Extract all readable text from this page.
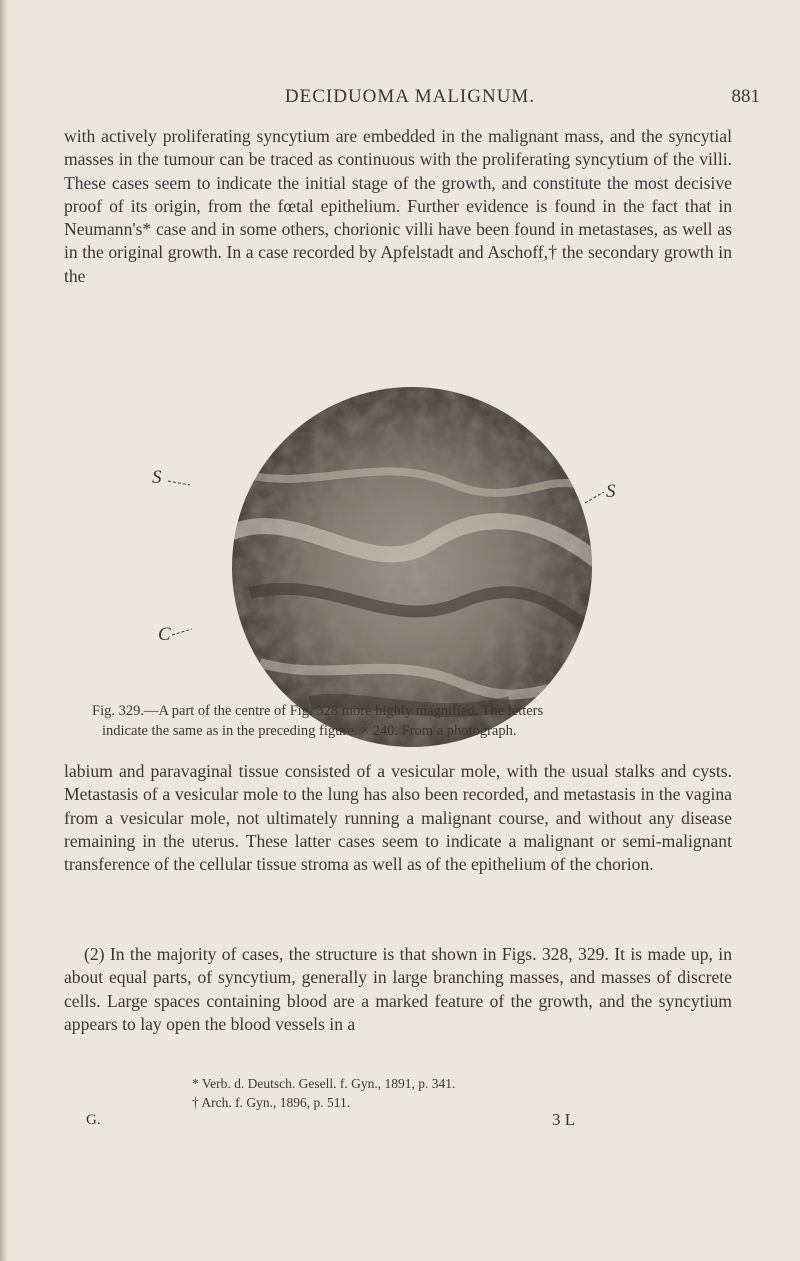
DECIDUOMA MALIGNUM.	881

with actively proliferating syncytium are embedded in the malignant mass, and the syncytial masses in the tumour can be traced as continuous with the proliferating syncytium of the villi. These cases seem to indicate the initial stage of the growth, and constitute the most decisive proof of its origin, from the fœtal epithelium. Further evidence is found in the fact that in Neumann's* case and in some others, chorionic villi have been found in metastases, as well as in the original growth. In a case recorded by Apfelstadt and Aschoff,† the secondary growth in the

S
S
C
Fig. 329.—A part of the centre of Fig. 328 more highly magnified. The letters
indicate the same as in the preceding figure. × 240. From a photograph.

labium and paravaginal tissue consisted of a vesicular mole, with the usual stalks and cysts. Metastasis of a vesicular mole to the lung has also been recorded, and metastasis in the vagina from a vesicular mole, not ultimately running a malignant course, and without any disease remaining in the uterus. These latter cases seem to indicate a malignant or semi-malignant transference of the cellular tissue stroma as well as of the epithelium of the chorion.

(2) In the majority of cases, the structure is that shown in Figs. 328, 329. It is made up, in about equal parts, of syncytium, generally in large branching masses, and masses of discrete cells. Large spaces containing blood are a marked feature of the growth, and the syncytium appears to lay open the blood vessels in a

* Verb. d. Deutsch. Gesell. f. Gyn., 1891, p. 341.
† Arch. f. Gyn., 1896, p. 511.
G.	3 L
